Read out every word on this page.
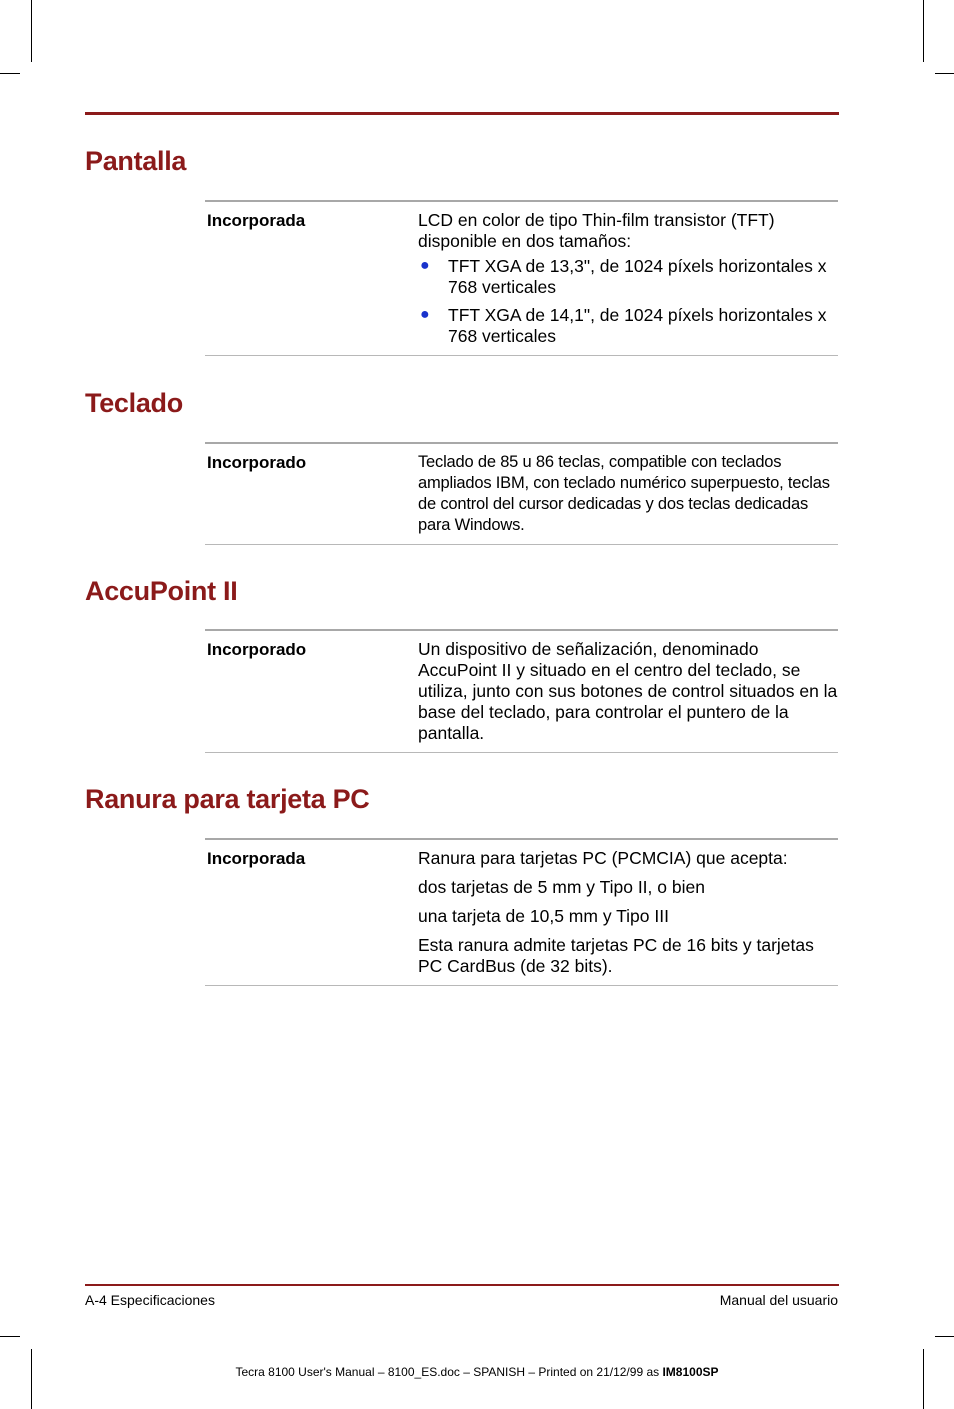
Pantalla
Incorporada	LCD en color de tipo Thin-film transistor (TFT) disponible en dos tamaños:

● TFT XGA de 13,3", de 1024 píxels horizontales x 768 verticales
● TFT XGA de 14,1", de 1024 píxels horizontales x 768 verticales
Teclado
Incorporado	Teclado de 85 u 86 teclas, compatible con teclados ampliados IBM, con teclado numérico superpuesto, teclas de control del cursor dedicadas y dos teclas dedicadas para Windows.

AccuPoint II
Incorporado	Un dispositivo de señalización, denominado AccuPoint II y situado en el centro del teclado, se utiliza, junto con sus botones de control situados en la base del teclado, para controlar el puntero de la pantalla.

Ranura para tarjeta PC
Incorporada	Ranura para tarjetas PC (PCMCIA) que acepta:

dos tarjetas de 5 mm y Tipo II, o bien

una tarjeta de 10,5 mm y Tipo III

Esta ranura admite tarjetas PC de 16 bits y tarjetas PC CardBus (de 32 bits).

A-4 Especificaciones	Manual del usuario
Tecra 8100 User's Manual – 8100_ES.doc – SPANISH – Printed on 21/12/99 as IM8100SP
